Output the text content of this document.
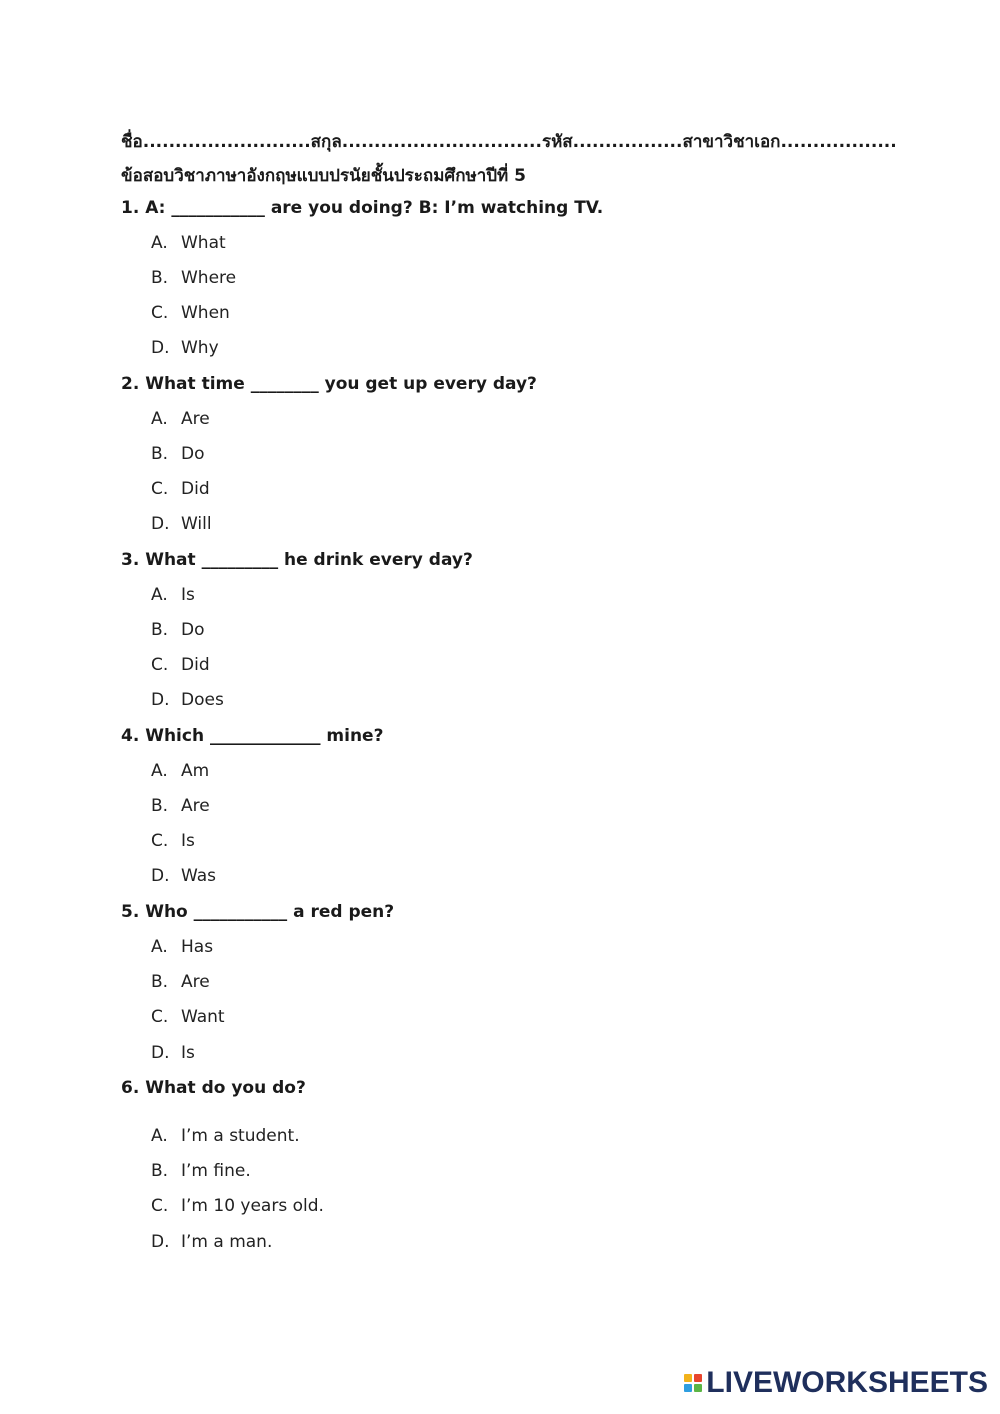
ชื่อ..........................สกุล...............................รหัส.................สาขาวิชาเอก..................
ข้อสอบวิชาภาษาอังกฤษแบบปรนัยชั้นประถมศึกษาปีที่ 5
1. A: ___________ are you doing? B: I’m watching TV.
A. What
B. Where
C. When
D. Why
2. What time ________ you get up every day?
A. Are
B. Do
C. Did
D. Will
3. What _________ he drink every day?
A. Is
B. Do
C. Did
D. Does
4. Which _____________ mine?
A. Am
B. Are
C. Is
D. Was
5. Who ___________ a red pen?
A. Has
B. Are
C. Want
D. Is
6. What do you do?
A. I’m a student.
B. I’m fine.
C. I’m 10 years old.
D. I’m a man.
LIVEWORKSHEETS
